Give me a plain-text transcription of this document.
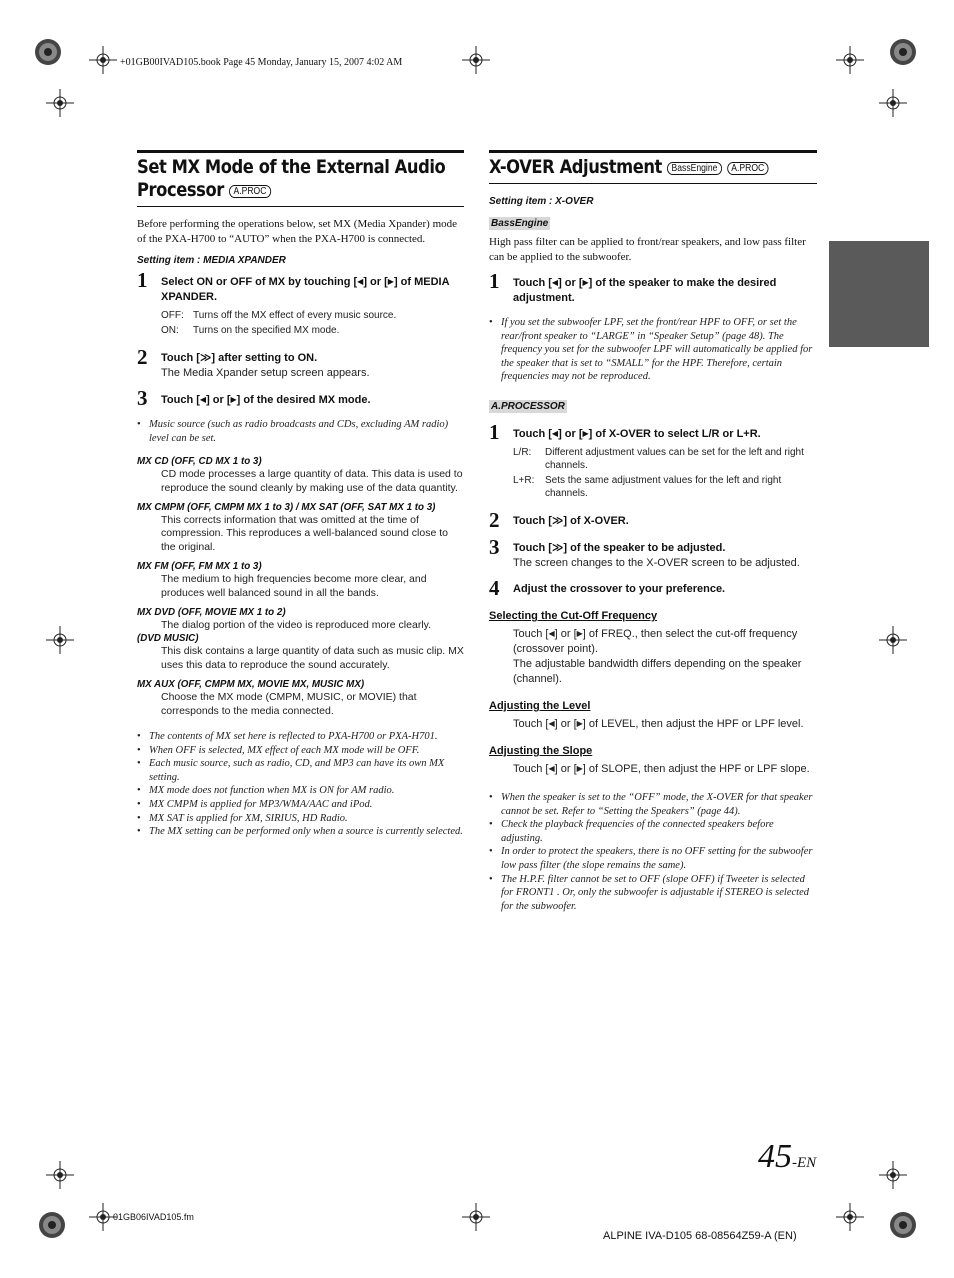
+01GB00IVAD105.book Page 45 Monday, January 15, 2007 4:02 AM
Set MX Mode of the External Audio
Processor A.PROC
Before performing the operations below, set MX (Media Xpander) mode of the PXA-H700 to “AUTO” when the PXA-H700 is connected.
Setting item : MEDIA XPANDER
1 Select ON or OFF of MX by touching [◀] or [▶] of MEDIA XPANDER.
OFF: Turns off the MX effect of every music source.
ON:	Turns on the specified MX mode.
2 Touch [≫] after setting to ON.
The Media Xpander setup screen appears.
3 Touch [◀] or [▶] of the desired MX mode.
• Music source (such as radio broadcasts and CDs, excluding AM radio) level can be set.
MX CD (OFF, CD MX 1 to 3)
CD mode processes a large quantity of data. This data is used to reproduce the sound cleanly by making use of the data quantity.
MX CMPM (OFF, CMPM MX 1 to 3) / MX SAT (OFF, SAT MX 1 to 3)
This corrects information that was omitted at the time of compression. This reproduces a well-balanced sound close to the original.
MX FM (OFF, FM MX 1 to 3)
The medium to high frequencies become more clear, and produces well balanced sound in all the bands.
MX DVD (OFF, MOVIE MX 1 to 2)
The dialog portion of the video is reproduced more clearly.
(DVD MUSIC)
This disk contains a large quantity of data such as music clip. MX uses this data to reproduce the sound accurately.
MX AUX (OFF, CMPM MX, MOVIE MX, MUSIC MX)
Choose the MX mode (CMPM, MUSIC, or MOVIE) that corresponds to the media connected.
• The contents of MX set here is reflected to PXA-H700 or PXA-H701.
• When OFF is selected, MX effect of each MX mode will be OFF.
• Each music source, such as radio, CD, and MP3 can have its own MX setting.
• MX mode does not function when MX is ON for AM radio.
• MX CMPM is applied for MP3/WMA/AAC and iPod.
• MX SAT is applied for XM, SIRIUS, HD Radio.
• The MX setting can be performed only when a source is currently selected.
X-OVER Adjustment BassEngine A.PROC
Setting item : X-OVER
BassEngine
High pass filter can be applied to front/rear speakers, and low pass filter can be applied to the subwoofer.
1 Touch [◀] or [▶] of the speaker to make the desired adjustment.
• If you set the subwoofer LPF, set the front/rear HPF to OFF, or set the rear/front speaker to “LARGE” in “Speaker Setup” (page 48). The frequency you set for the subwoofer LPF will automatically be applied for the speaker that is set to “SMALL” for the HPF. Therefore, certain frequencies may not be reproduced.
A.PROCESSOR
1 Touch [◀] or [▶] of X-OVER to select L/R or L+R.
L/R:	Different adjustment values can be set for the left and right channels.
L+R:	Sets the same adjustment values for the left and right channels.
2 Touch [≫] of X-OVER.
3 Touch [≫] of the speaker to be adjusted.
The screen changes to the X-OVER screen to be adjusted.
4 Adjust the crossover to your preference.
Selecting the Cut-Off Frequency
Touch [◀] or [▶] of FREQ., then select the cut-off frequency (crossover point).
The adjustable bandwidth differs depending on the speaker (channel).
Adjusting the Level
Touch [◀] or [▶] of LEVEL, then adjust the HPF or LPF level.
Adjusting the Slope
Touch [◀] or [▶] of SLOPE, then adjust the HPF or LPF slope.
• When the speaker is set to the “OFF” mode, the X-OVER for that speaker cannot be set. Refer to “Setting the Speakers” (page 44).
• Check the playback frequencies of the connected speakers before adjusting.
• In order to protect the speakers, there is no OFF setting for the subwoofer low pass filter (the slope remains the same).
• The H.P.F. filter cannot be set to OFF (slope OFF) if Tweeter is selected for FRONT1 . Or, only the subwoofer is adjustable if STEREO is selected for the subwoofer.
45-EN
01GB06IVAD105.fm
ALPINE IVA-D105 68-08564Z59-A (EN)
